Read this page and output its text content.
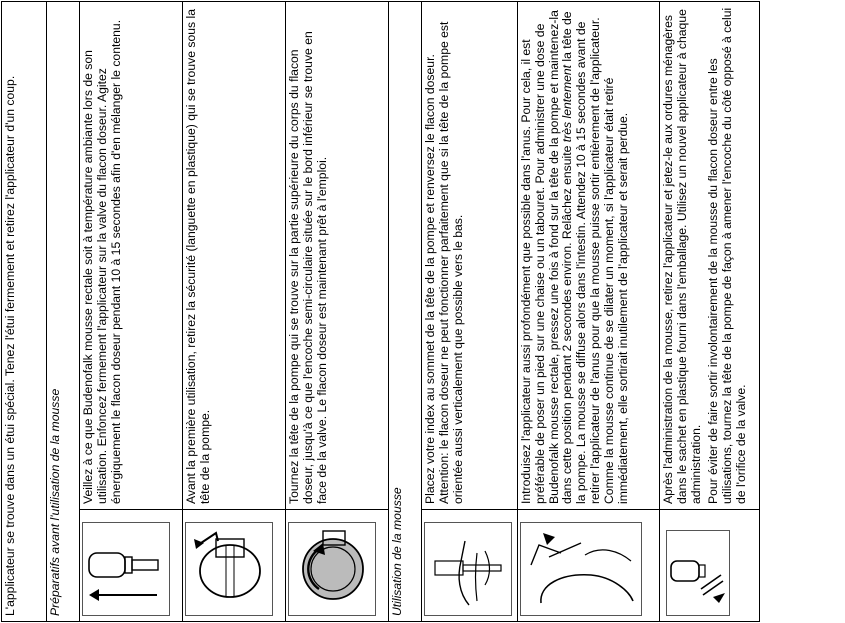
L'applicateur se trouve dans un étui spécial. Tenez l'étui fermement et retirez l'applicateur d'un coup.	
Préparatifs avant l'utilisation de la mousse	

	Veillez à ce que Budenofalk mousse rectale soit à température ambiante lors de son utilisation. Enfoncez fermement l'applicateur sur la valve du flacon doseur. Agitez énergiquement le flacon doseur pendant 10 à 15 secondes afin d'en mélanger le contenu.

	Avant la première utilisation, retirez la sécurité (languette en plastique) qui se trouve sous la tête de la pompe.

	Tournez la tête de la pompe qui se trouve sur la partie supérieure du corps du flacon doseur, jusqu'à ce que l'encoche semi-circulaire située sur le bord inférieur se trouve en face de la valve. Le flacon doseur est maintenant prêt à l'emploi.
Utilisation de la mousse	

	Placez votre index au sommet de la tête de la pompe et renversez le flacon doseur. Attention: le flacon doseur ne peut fonctionner parfaitement que si la tête de la pompe est orientée aussi verticalement que possible vers le bas.

	Introduisez l'applicateur aussi profondément que possible dans l'anus. Pour cela, il est préférable de poser un pied sur une chaise ou un tabouret. Pour administrer une dose de Budenofalk mousse rectale, pressez une fois à fond sur la tête de la pompe et maintenez-la dans cette position pendant 2 secondes environ. Relâchez ensuite très lentement la tête de la pompe. La mousse se diffuse alors dans l'intestin. Attendez 10 à 15 secondes avant de retirer l'applicateur de l'anus pour que la mousse puisse sortir entièrement de l'applicateur. Comme la mousse continue de se dilater un moment, si l'applicateur était retiré immédiatement, elle sortirait inutilement de l'applicateur et serait perdue.

Après l'administration de la mousse, retirez l'applicateur et jetez-le aux ordures ménagères dans le sachet en plastique fourni dans l'emballage. Utilisez un nouvel applicateur à chaque administration. Pour éviter de faire sortir involontairement de la mousse du flacon doseur entre les utilisations, tournez la tête de la pompe de façon à amener l'encoche du côté opposé à celui de l'orifice de la valve.
